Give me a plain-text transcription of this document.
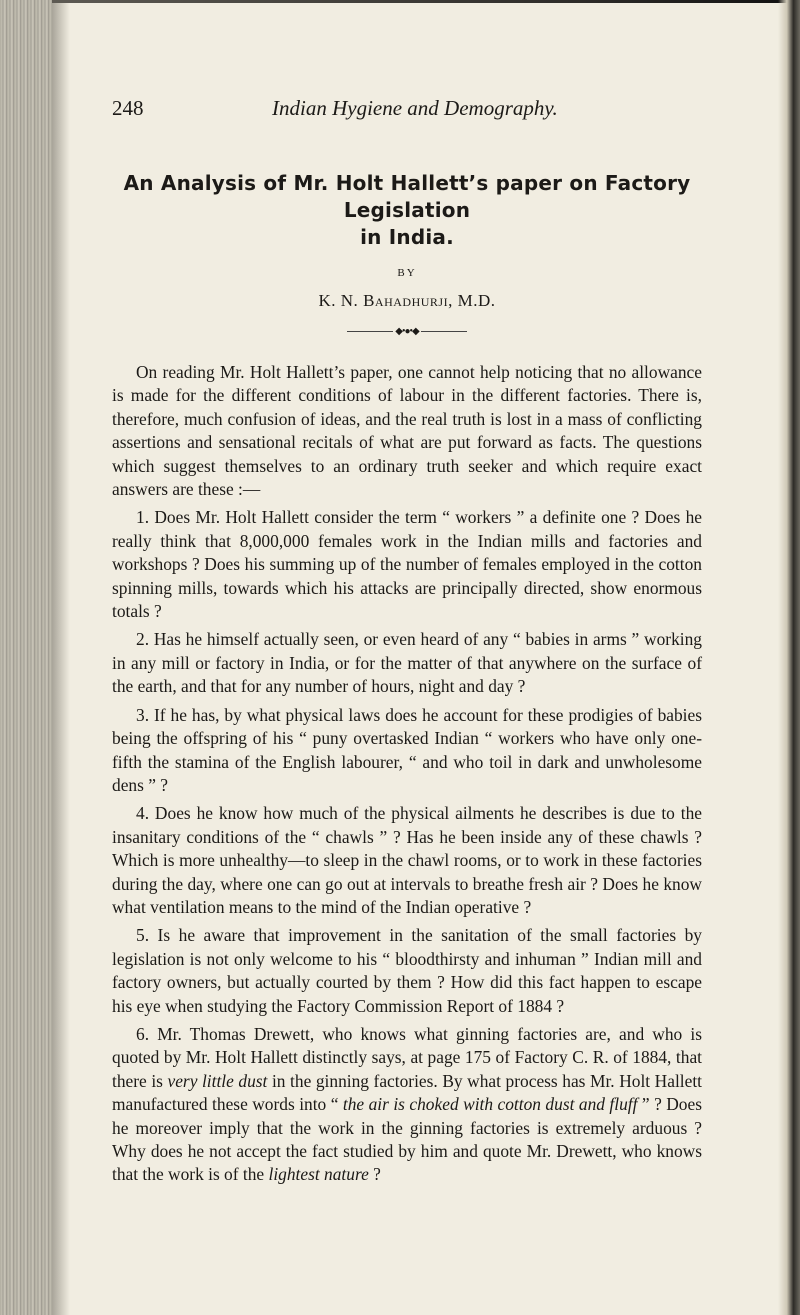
248	Indian Hygiene and Demography.
An Analysis of Mr. Holt Hallett’s paper on Factory Legislation
in India.
BY
K. N. Bahadhurji, M.D.
◆•●•◆

On reading Mr. Holt Hallett’s paper, one cannot help noticing that no allowance is made for the different conditions of labour in the different factories. There is, therefore, much confusion of ideas, and the real truth is lost in a mass of conflicting assertions and sensational recitals of what are put forward as facts. The questions which suggest themselves to an ordinary truth seeker and which require exact answers are these :—

1. Does Mr. Holt Hallett consider the term “ workers ” a definite one ? Does he really think that 8,000,000 females work in the Indian mills and factories and workshops ? Does his summing up of the number of females employed in the cotton spinning mills, towards which his attacks are principally directed, show enormous totals ?

2. Has he himself actually seen, or even heard of any “ babies in arms ” working in any mill or factory in India, or for the matter of that anywhere on the surface of the earth, and that for any number of hours, night and day ?

3. If he has, by what physical laws does he account for these prodigies of babies being the offspring of his “ puny overtasked Indian “ workers who have only one-fifth the stamina of the English labourer, “ and who toil in dark and unwholesome dens ” ?

4. Does he know how much of the physical ailments he describes is due to the insanitary conditions of the “ chawls ” ? Has he been inside any of these chawls ? Which is more unhealthy—to sleep in the chawl rooms, or to work in these factories during the day, where one can go out at intervals to breathe fresh air ? Does he know what ventilation means to the mind of the Indian operative ?

5. Is he aware that improvement in the sanitation of the small factories by legislation is not only welcome to his “ bloodthirsty and inhuman ” Indian mill and factory owners, but actually courted by them ? How did this fact happen to escape his eye when studying the Factory Commission Report of 1884 ?

6. Mr. Thomas Drewett, who knows what ginning factories are, and who is quoted by Mr. Holt Hallett distinctly says, at page 175 of Factory C. R. of 1884, that there is very little dust in the ginning factories. By what process has Mr. Holt Hallett manufactured these words into “ the air is choked with cotton dust and fluff ” ? Does he moreover imply that the work in the ginning factories is extremely arduous ? Why does he not accept the fact studied by him and quote Mr. Drewett, who knows that the work is of the lightest nature ?
